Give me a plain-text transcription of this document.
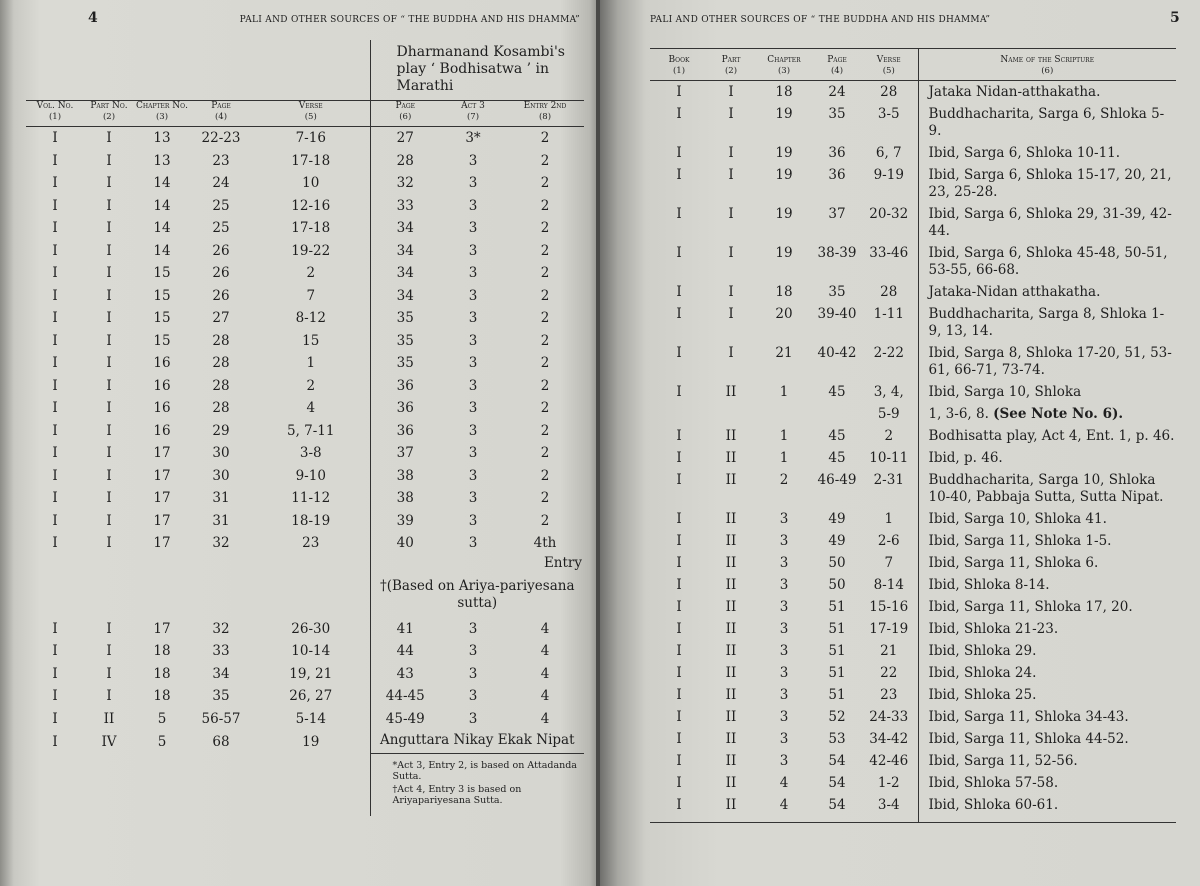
4	PALI AND OTHER SOURCES OF “ THE BUDDHA AND HIS DHAMMA”
					Dharmanand Kosambi's play ‘ Bodhisatwa ’ in Marathi		
Vol. No.	Part No.	Chapter No.	Page	Verse	Page	Act 3	Entry 2nd
(1)	(2)	(3)	(4)	(5)	(6)	(7)	(8)
I	I	13	22-23	7-16	27	3*	2
I	I	13	23	17-18	28	3	2
I	I	14	24	10	32	3	2
I	I	14	25	12-16	33	3	2
I	I	14	25	17-18	34	3	2
I	I	14	26	19-22	34	3	2
I	I	15	26	2	34	3	2
I	I	15	26	7	34	3	2
I	I	15	27	8-12	35	3	2
I	I	15	28	15	35	3	2
I	I	16	28	1	35	3	2
I	I	16	28	2	36	3	2
I	I	16	28	4	36	3	2
I	I	16	29	5, 7-11	36	3	2
I	I	17	30	3-8	37	3	2
I	I	17	30	9-10	38	3	2
I	I	17	31	11-12	38	3	2
I	I	17	31	18-19	39	3	2
I	I	17	32	23	40	3	4th
					Entry		
					†(Based on Ariya-pariyesana sutta)		
I	I	17	32	26-30	41	3	4
I	I	18	33	10-14	44	3	4
I	I	18	34	19, 21	43	3	4
I	I	18	35	26, 27	44-45	3	4
I	II	5	56-57	5-14	45-49	3	4
I	IV	5	68	19	Anguttara Nikay Ekak Nipat		

					*Act 3, Entry 2, is based on Attadanda Sutta.
†Act 4, Entry 3 is based on Ariyapariyesana Sutta.		
PALI AND OTHER SOURCES OF “ THE BUDDHA AND HIS DHAMMA”	5
Book	Part	Chapter	Page	Verse	Name of the Scripture
(1)	(2)	(3)	(4)	(5)	(6)
I	I	18	24	28	Jataka Nidan-atthakatha.
I	I	19	35	3-5	Buddhacharita, Sarga 6, Shloka 5-9.
I	I	19	36	6, 7	Ibid, Sarga 6, Shloka 10-11.
I	I	19	36	9-19	Ibid, Sarga 6, Shloka 15-17, 20, 21, 23, 25-28.
I	I	19	37	20-32	Ibid, Sarga 6, Shloka 29, 31-39, 42-44.
I	I	19	38-39	33-46	Ibid, Sarga 6, Shloka 45-48, 50-51, 53-55, 66-68.
I	I	18	35	28	Jataka-Nidan atthakatha.
I	I	20	39-40	1-11	Buddhacharita, Sarga 8, Shloka 1-9, 13, 14.
I	I	21	40-42	2-22	Ibid, Sarga 8, Shloka 17-20, 51, 53-61, 66-71, 73-74.
I	II	1	45	3, 4,	Ibid, Sarga 10, Shloka
				5-9	1, 3-6, 8. (See Note No. 6).
I	II	1	45	2	Bodhisatta play, Act 4, Ent. 1, p. 46.
I	II	1	45	10-11	Ibid, p. 46.
I	II	2	46-49	2-31	Buddhacharita, Sarga 10, Shloka 10-40, Pabbaja Sutta, Sutta Nipat.
I	II	3	49	1	Ibid, Sarga 10, Shloka 41.
I	II	3	49	2-6	Ibid, Sarga 11, Shloka 1-5.
I	II	3	50	7	Ibid, Sarga 11, Shloka 6.
I	II	3	50	8-14	Ibid, Shloka 8-14.
I	II	3	51	15-16	Ibid, Sarga 11, Shloka 17, 20.
I	II	3	51	17-19	Ibid, Shloka 21-23.
I	II	3	51	21	Ibid, Shloka 29.
I	II	3	51	22	Ibid, Shloka 24.
I	II	3	51	23	Ibid, Shloka 25.
I	II	3	52	24-33	Ibid, Sarga 11, Shloka 34-43.
I	II	3	53	34-42	Ibid, Sarga 11, Shloka 44-52.
I	II	3	54	42-46	Ibid, Sarga 11, 52-56.
I	II	4	54	1-2	Ibid, Shloka 57-58.
I	II	4	54	3-4	Ibid, Shloka 60-61.
